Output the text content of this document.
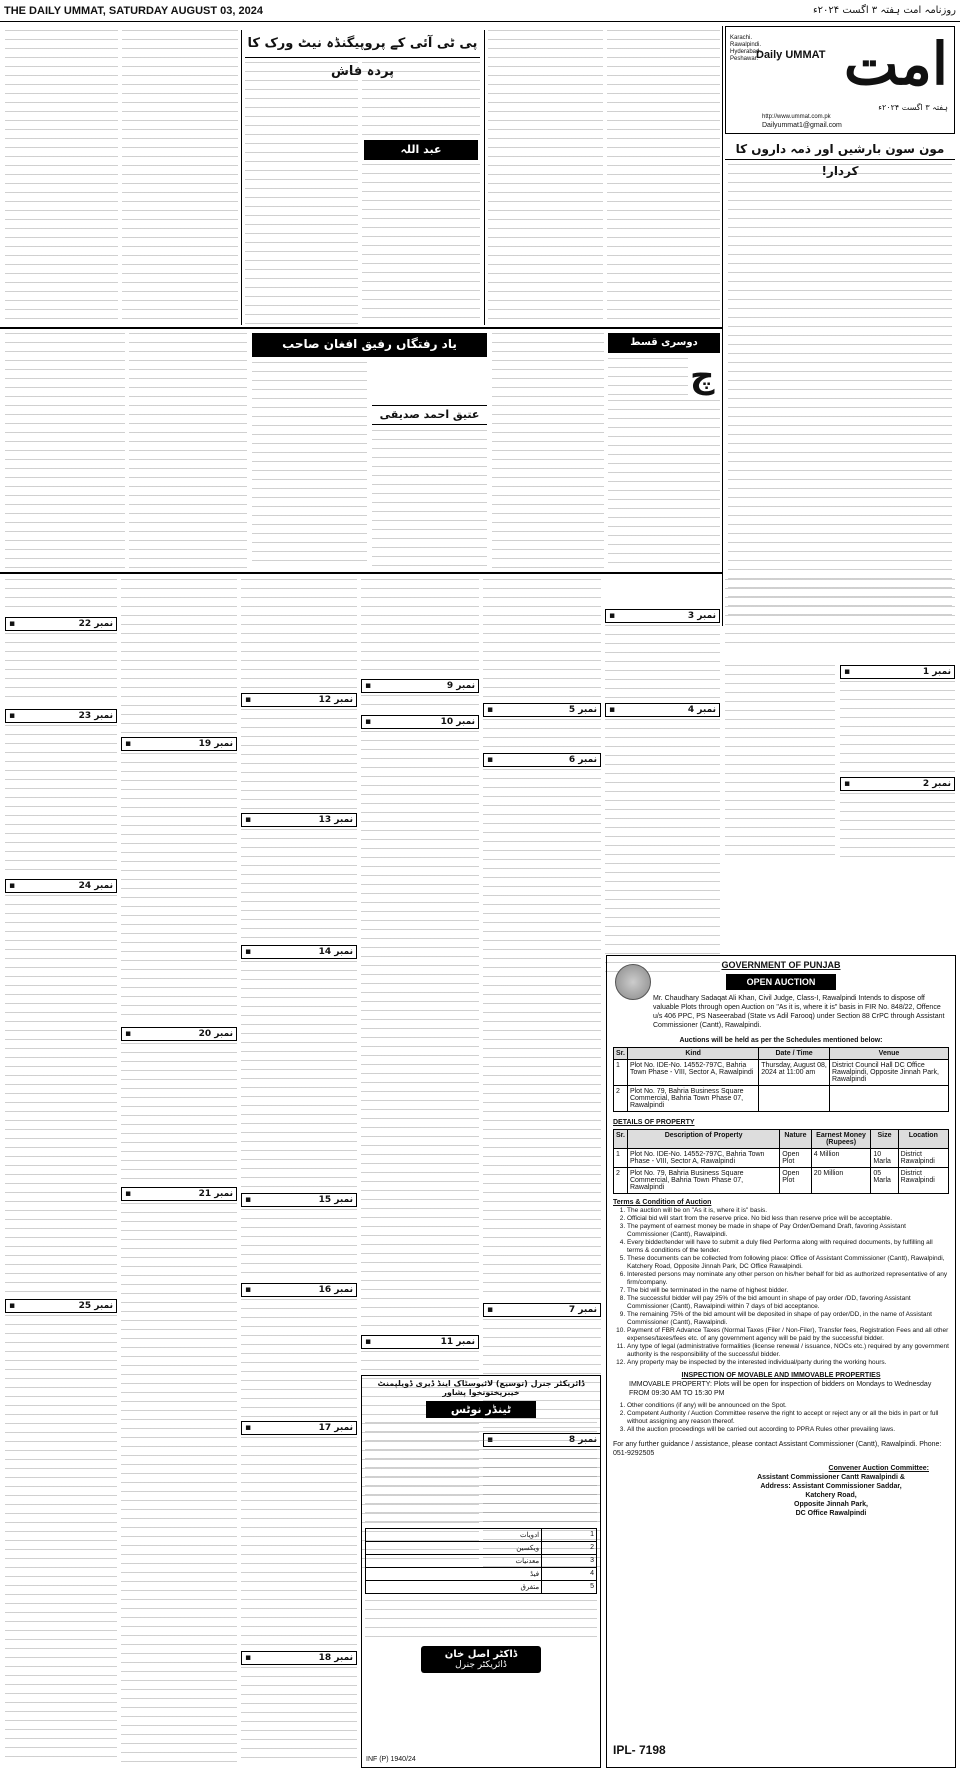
THE DAILY UMMAT, SATURDAY AUGUST 03, 2024	روزنامہ امت ہفتہ ۳ اگست ۲۰۲۴ء
امت
Daily UMMAT
Karachi.
Rawalpindi.
Hyderabad.
Peshawar.
http://www.ummat.com.pk
Dailyummat1@gmail.com
ہفتہ ۳ اگست ۲۰۲۴ء
مون سون بارشیں اور ذمہ داروں کا کردار!
پی ٹی آئی کے پروپیگنڈہ نیٹ ورک کا پردہ فاش
عبد اللہ
یاد رفتگاں رفیق افغان صاحب
عتیق احمد صدیقی
دوسری قسط
چ
نمبر 22
▪
نمبر 23
▪
نمبر 24
▪
نمبر 25
▪
نمبر 19
▪
نمبر 20
▪
نمبر 21
▪
نمبر 12
▪
نمبر 13
▪
نمبر 14
▪
نمبر 15
▪
نمبر 16
▪
نمبر 17
▪
نمبر 18
▪
نمبر 9
▪
نمبر 10
▪
نمبر 11
▪
نمبر 3
▪
نمبر 4
▪
نمبر 5
▪
نمبر 6
▪
نمبر 7
▪
نمبر 8
▪
نمبر 1
▪
نمبر 2
▪
ڈائریکٹر جنرل (توسیع) لائیوسٹاک اینڈ ڈیری ڈویلپمنٹ خیبرپختونخوا پشاور
ٹینڈر نوٹس
1	ادویات
2	ویکسین
3	معدنیات
4	فیڈ
5	متفرق
ڈاکٹر اصل خان
ڈائریکٹر جنرل
INF (P) 1940/24
GOVERNMENT OF PUNJAB
OPEN AUCTION
Mr. Chaudhary Sadaqat Ali Khan, Civil Judge, Class-I, Rawalpindi Intends to dispose off valuable Plots through open Auction on "As it is, where it is" basis in FIR No. 848/22, Offence u/s 406 PPC, PS Naseerabad (State vs Adil Farooq) under Section 88 CrPC through Assistant Commissioner (Cantt), Rawalpindi.
Auctions will be held as per the Schedules mentioned below:
Sr.	Kind	Date / Time	Venue
1	Plot No. IDE-No. 14552-797C, Bahria Town Phase - VIII, Sector A, Rawalpindi	Thursday, August 08, 2024 at 11:00 am	District Council Hall DC Office Rawalpindi, Opposite Jinnah Park, Rawalpindi
2	Plot No. 79, Bahria Business Square Commercial, Bahria Town Phase 07, Rawalpindi		
DETAILS OF PROPERTY
Sr.	Description of Property	Nature	Earnest Money (Rupees)	Size	Location
1	Plot No. IDE-No. 14552-797C, Bahria Town Phase - VIII, Sector A, Rawalpindi	Open Plot	4 Million	10 Marla	District Rawalpindi
2	Plot No. 79, Bahria Business Square Commercial, Bahria Town Phase 07, Rawalpindi	Open Plot	20 Million	05 Marla	District Rawalpindi
Terms & Condition of Auction
1. The auction will be on "As it is, where it is" basis.
2. Official bid will start from the reserve price. No bid less than reserve price will be acceptable.
3. The payment of earnest money be made in shape of Pay Order/Demand Draft, favoring Assistant Commissioner (Cantt), Rawalpindi.
4. Every bidder/tender will have to submit a duly filed Performa along with required documents, by fulfilling all terms & conditions of the tender.
5. These documents can be collected from following place: Office of Assistant Commissioner (Cantt), Rawalpindi, Katchery Road, Opposite Jinnah Park, DC Office Rawalpindi.
6. Interested persons may nominate any other person on his/her behalf for bid as authorized representative of any firm/company.
7. The bid will be terminated in the name of highest bidder.
8. The successful bidder will pay 25% of the bid amount in shape of pay order /DD, favoring Assistant Commissioner (Cantt), Rawalpindi within 7 days of bid acceptance.
9. The remaining 75% of the bid amount will be deposited in shape of pay order/DD, in the name of Assistant Commissioner (Cantt), Rawalpindi.
10. Payment of FBR Advance Taxes (Normal Taxes (Filer / Non-Filer), Transfer fees, Registration Fees and all other expenses/taxes/fees etc. of any government agency will be paid by the successful bidder.
11. Any type of legal (administrative formalities (license renewal / issuance, NOCs etc.) required by any government authority is the responsibility of the successful bidder.
12. Any property may be inspected by the interested individual/party during the working hours.
INSPECTION OF MOVABLE AND IMMOVABLE PROPERTIES
IMMOVABLE PROPERTY: Plots will be open for inspection of bidders on Mondays to Wednesday FROM 09:30 AM TO 15:30 PM
1. Other conditions (if any) will be announced on the Spot.
2. Competent Authority / Auction Committee reserve the right to accept or reject any or all the bids in part or full without assigning any reason thereof.
3. All the auction proceedings will be carried out according to PPRA Rules other prevailing laws.
For any further guidance / assistance, please contact Assistant Commissioner (Cantt), Rawalpindi. Phone: 051-9292505
Convener Auction Committee:
Assistant Commissioner Cantt Rawalpindi &
Address: Assistant Commissioner Saddar,
Katchery Road,
Opposite Jinnah Park,
DC Office Rawalpindi
IPL- 7198
